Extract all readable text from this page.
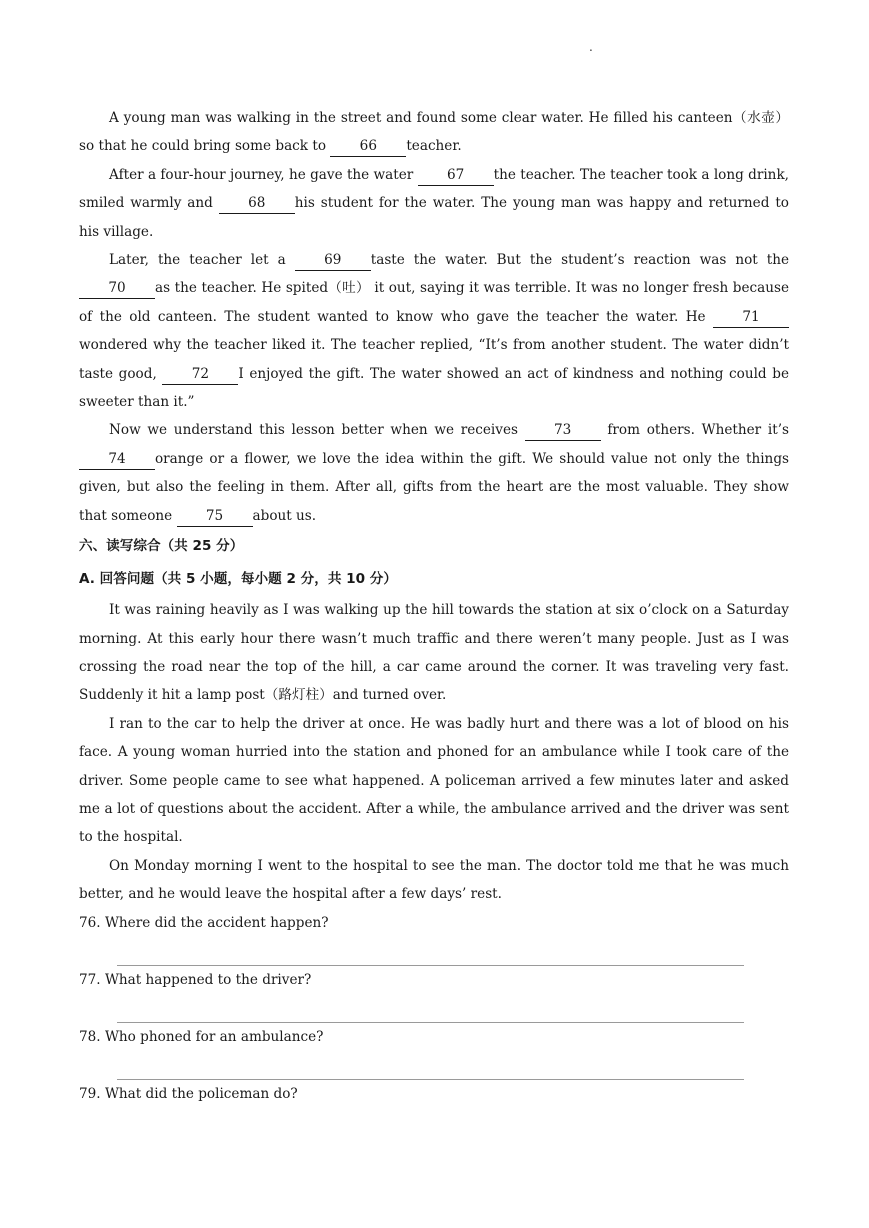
.

A young man was walking in the street and found some clear water. He filled his canteen（水壶）so that he could bring some back to 66 teacher.

After a four-hour journey, he gave the water 67 the teacher. The teacher took a long drink, smiled warmly and 68 his student for the water. The young man was happy and returned to his village.

Later, the teacher let a 69 taste the water. But the student’s reaction was not the 70 as the teacher. He spited（吐） it out, saying it was terrible. It was no longer fresh because of the old canteen. The student wanted to know who gave the teacher the water. He 71wondered why the teacher liked it. The teacher replied, “It’s from another student. The water didn’t taste good, 72 I enjoyed the gift. The water showed an act of kindness and nothing could be sweeter than it.”

Now we understand this lesson better when we receives 73 from others. Whether it’s 74 orange or a flower, we love the idea within the gift. We should value not only the things given, but also the feeling in them. After all, gifts from the heart are the most valuable. They show that someone 75 about us.

六、读写综合（共 25 分）

A. 回答问题（共 5 小题，每小题 2 分，共 10 分）

It was raining heavily as I was walking up the hill towards the station at six o’clock on a Saturday morning. At this early hour there wasn’t much traffic and there weren’t many people. Just as I was crossing the road near the top of the hill, a car came around the corner. It was traveling very fast. Suddenly it hit a lamp post（路灯柱）and turned over.

I ran to the car to help the driver at once. He was badly hurt and there was a lot of blood on his face. A young woman hurried into the station and phoned for an ambulance while I took care of the driver. Some people came to see what happened. A policeman arrived a few minutes later and asked me a lot of questions about the accident. After a while, the ambulance arrived and the driver was sent to the hospital.

On Monday morning I went to the hospital to see the man. The doctor told me that he was much better, and he would leave the hospital after a few days’ rest.

76. Where did the accident happen?

77. What happened to the driver?

78. Who phoned for an ambulance?

79. What did the policeman do?
